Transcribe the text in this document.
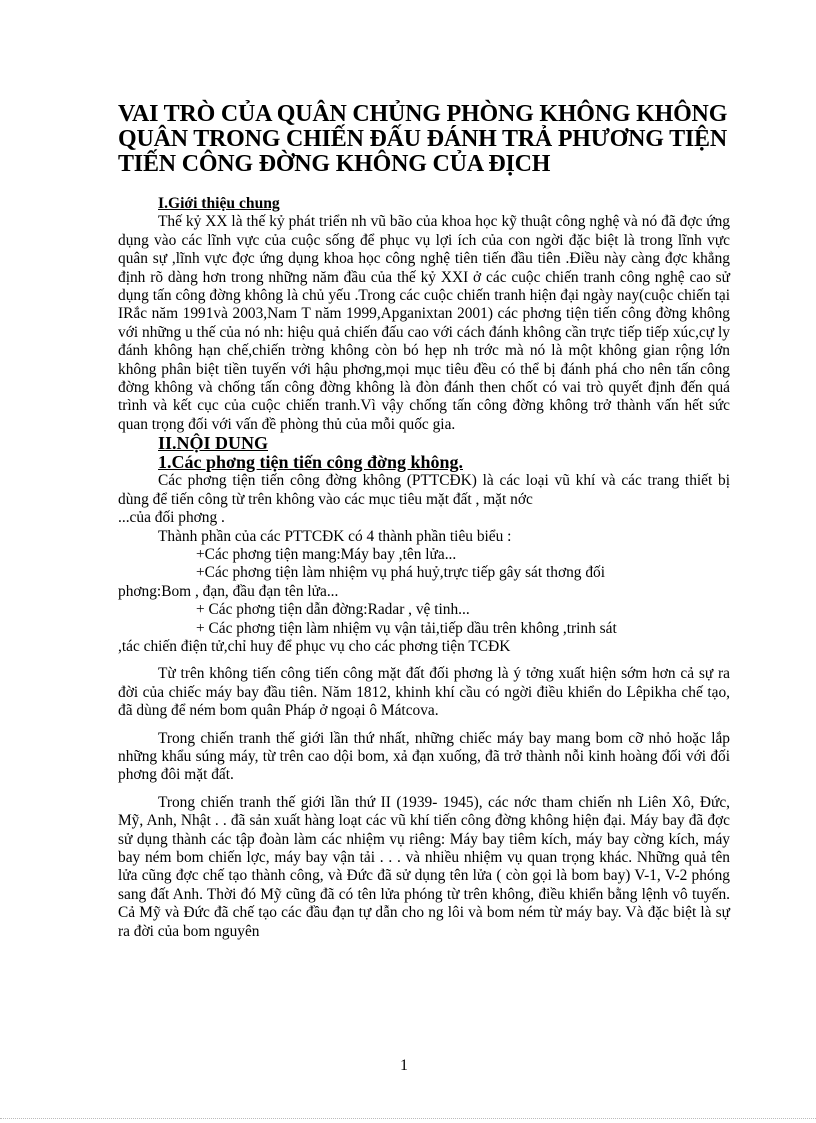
VAI TRÒ CỦA QUÂN CHỦNG PHÒNG KHÔNG KHÔNG
QUÂN TRONG CHIẾN ĐẤU ĐÁNH TRẢ PHƯƠNG TIỆN
TIẾN CÔNG ĐỜNG KHÔNG CỦA ĐỊCH

I.Giới thiệu chung

Thế kỷ XX là thế kỷ phát triển nh vũ bão của khoa học kỹ thuật công nghệ và nó đã đợc ứng dụng vào các lĩnh vực của cuộc sống để phục vụ lợi ích của con ngời đặc biệt là trong lĩnh vực quân sự ,lĩnh vực đợc ứng dụng khoa học công nghệ tiên tiến đầu tiên .Điều này càng đợc khẳng định rõ dàng hơn trong những năm đầu của thế kỷ XXI ở các cuộc chiến tranh công nghệ cao sử dụng tấn công đờng không là chủ yếu .Trong các cuộc chiến tranh hiện đại ngày nay(cuộc chiến tại IRắc năm 1991và 2003,Nam T năm 1999,Apganixtan 2001) các phơng tiện tiến công đờng không với những u thế của nó nh: hiệu quả chiến đấu cao với cách đánh không cần trực tiếp tiếp xúc,cự ly đánh không hạn chế,chiến trờng không còn bó hẹp nh trớc mà nó là một không gian rộng lớn không phân biệt tiền tuyến với hậu phơng,mọi mục tiêu đều có thể bị đánh phá cho nên tấn công đờng không và chống tấn công đờng không là đòn đánh then chốt có vai trò quyết định đến quá trình và kết cục của cuộc chiến tranh.Vì vậy chống tấn công đờng không trở thành vấn hết sức quan trọng đối với vấn đề phòng thủ của mỗi quốc gia.

II.NỘI DUNG

1.Các phơng tiện tiến công đờng không.

Các phơng tiện tiến công đờng không (PTTCĐK) là các loại vũ khí và các trang thiết bị dùng để tiến công từ trên không vào các mục tiêu mặt đất , mặt nớc

...của đối phơng .

Thành phần của các PTTCĐK có 4 thành phần tiêu biểu :

+Các phơng tiện mang:Máy bay ,tên lửa...

+Các phơng tiện làm nhiệm vụ phá huỷ,trực tiếp gây sát thơng đối

phơng:Bom , đạn, đầu đạn tên lửa...

+ Các phơng tiện dẫn đờng:Radar , vệ tinh...

+ Các phơng tiện làm nhiệm vụ vận tải,tiếp dầu trên không ,trinh sát

,tác chiến điện tử,chỉ huy để phục vụ cho các phơng tiện TCĐK

Từ trên không tiến công tiến công mặt đất đối phơng là ý tởng xuất hiện sớm hơn cả sự ra đời của chiếc máy bay đầu tiên. Năm 1812, khinh khí cầu có ngời điều khiển do Lêpikha chế tạo, đã dùng để ném bom quân Pháp ở ngoại ô Mátcova.

Trong chiến tranh thế giới lần thứ nhất, những chiếc máy bay mang bom cỡ nhỏ hoặc lắp những khẩu súng máy, từ trên cao dội bom, xả đạn xuống, đã trở thành nỗi kinh hoàng đối với đối phơng đôi mặt đất.

Trong chiến tranh thế giới lần thứ II (1939- 1945), các nớc tham chiến nh Liên Xô, Đức, Mỹ, Anh, Nhật . . đã sản xuất hàng loạt các vũ khí tiến công đờng không hiện đại. Máy bay đã đợc sử dụng thành các tập đoàn làm các nhiệm vụ riêng: Máy bay tiêm kích, máy bay cờng kích, máy bay ném bom chiến lợc, máy bay vận tải . . . và nhiều nhiệm vụ quan trọng khác. Những quả tên lửa cũng đợc chế tạo thành công, và Đức đã sử dụng tên lửa ( còn gọi là bom bay) V-1, V-2 phóng sang đất Anh. Thời đó Mỹ cũng đã có tên lửa phóng từ trên không, điều khiển bằng lệnh vô tuyến. Cả Mỹ và Đức đã chế tạo các đầu đạn tự dẫn cho ng lôi và bom ném từ máy bay. Và đặc biệt là sự ra đời của bom nguyên

1
